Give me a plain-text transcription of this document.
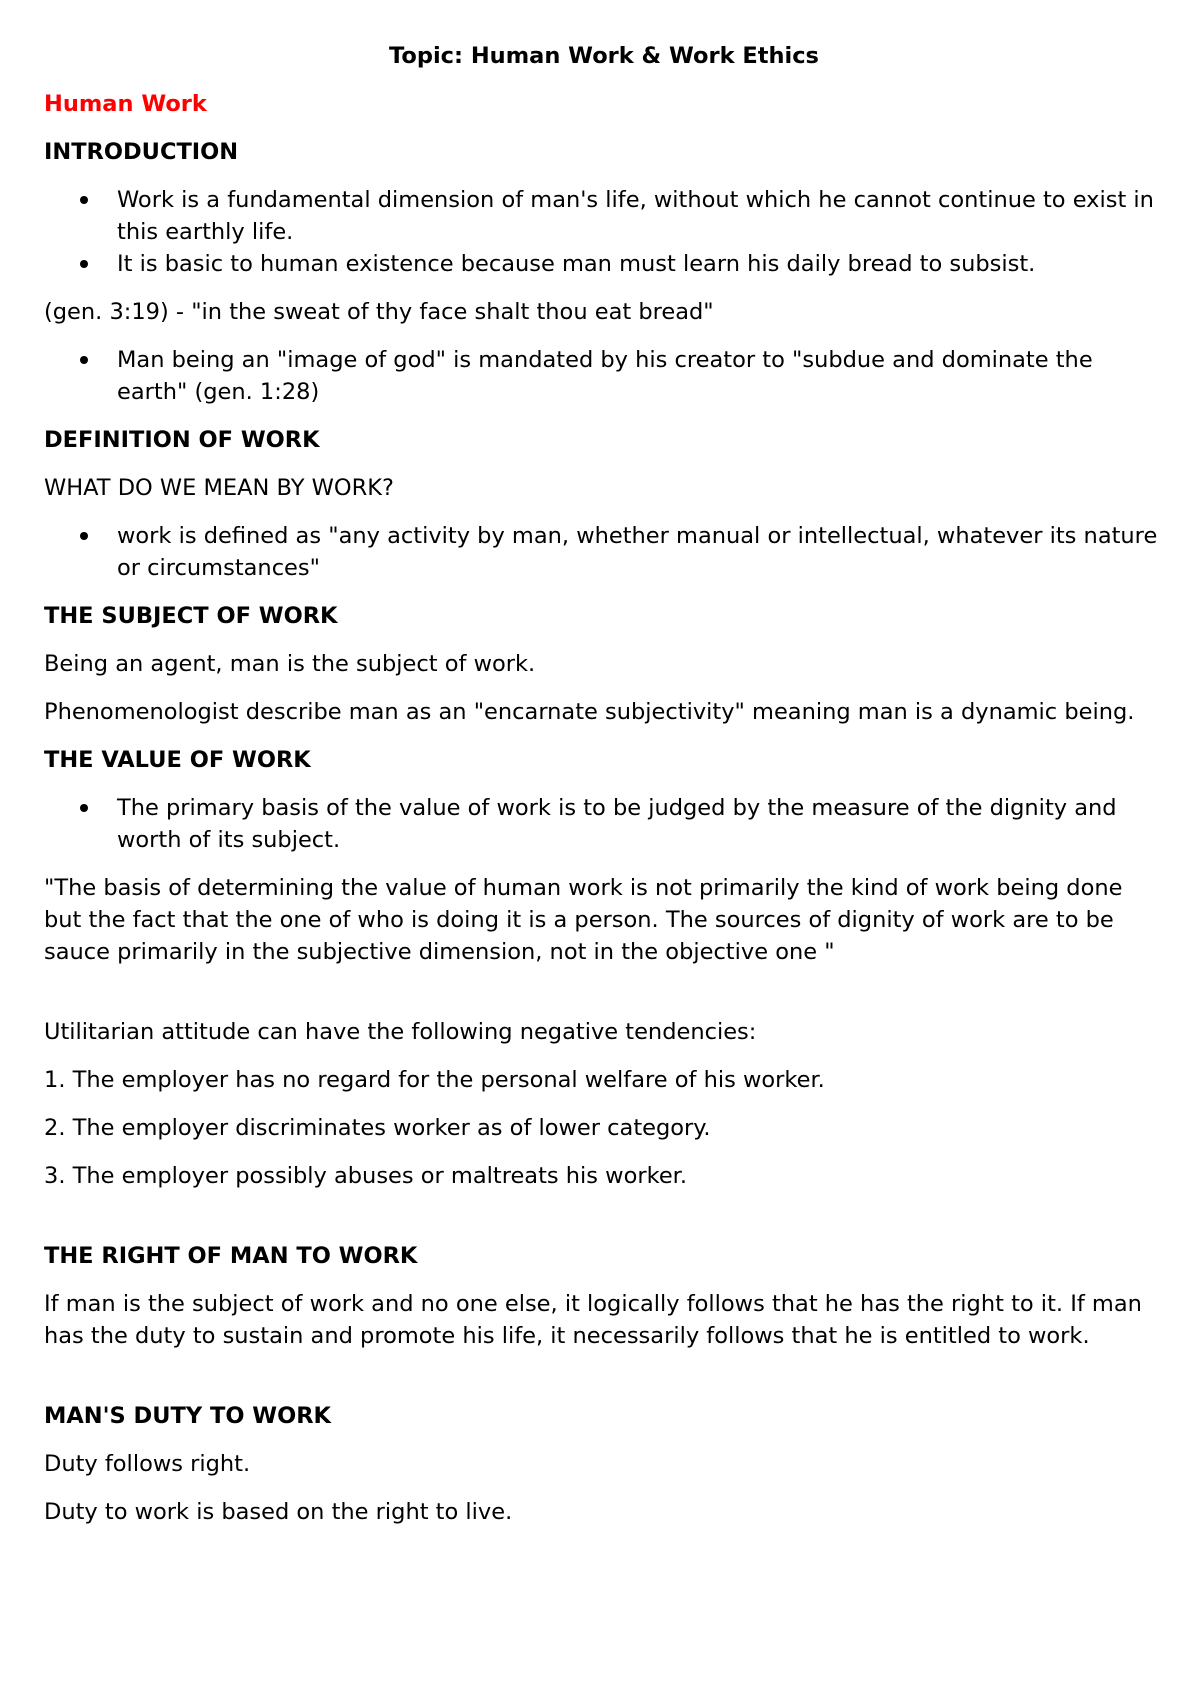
Topic: Human Work & Work Ethics
Human Work
INTRODUCTION
Work is a fundamental dimension of man's life, without which he cannot continue to exist in this earthly life.
It is basic to human existence because man must learn his daily bread to subsist.

(gen. 3:19) - "in the sweat of thy face shalt thou eat bread"

Man being an "image of god" is mandated by his creator to "subdue and dominate the earth" (gen. 1:28)
DEFINITION OF WORK

WHAT DO WE MEAN BY WORK?

work is defined as "any activity by man, whether manual or intellectual, whatever its nature or circumstances"
THE SUBJECT OF WORK

Being an agent, man is the subject of work.

Phenomenologist describe man as an "encarnate subjectivity" meaning man is a dynamic being.

THE VALUE OF WORK
The primary basis of the value of work is to be judged by the measure of the dignity and worth of its subject.

"The basis of determining the value of human work is not primarily the kind of work being done but the fact that the one of who is doing it is a person. The sources of dignity of work are to be sauce primarily in the subjective dimension, not in the objective one "

Utilitarian attitude can have the following negative tendencies:

1. The employer has no regard for the personal welfare of his worker.

2. The employer discriminates worker as of lower category.

3. The employer possibly abuses or maltreats his worker.

THE RIGHT OF MAN TO WORK

If man is the subject of work and no one else, it logically follows that he has the right to it. If man has the duty to sustain and promote his life, it necessarily follows that he is entitled to work.

MAN'S DUTY TO WORK

Duty follows right.

Duty to work is based on the right to live.
